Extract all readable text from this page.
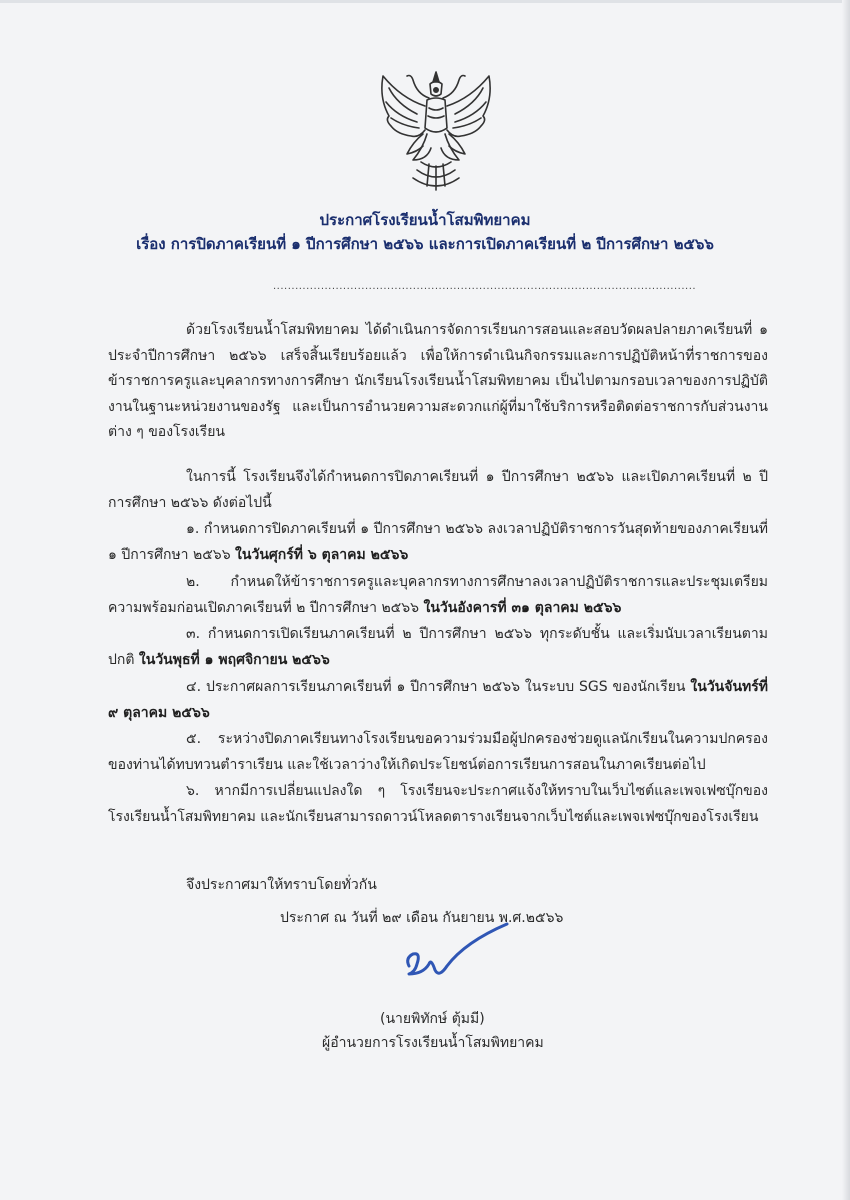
ประกาศโรงเรียนน้ำโสมพิทยาคม
เรื่อง การปิดภาคเรียนที่ ๑ ปีการศึกษา ๒๕๖๖ และการเปิดภาคเรียนที่ ๒ ปีการศึกษา ๒๕๖๖
...................................................................................................................
ด้วยโรงเรียนน้ำโสมพิทยาคม ได้ดำเนินการจัดการเรียนการสอนและสอบวัดผลปลายภาคเรียนที่ ๑ ประจำปีการศึกษา ๒๕๖๖ เสร็จสิ้นเรียบร้อยแล้ว เพื่อให้การดำเนินกิจกรรมและการปฏิบัติหน้าที่ราชการของข้าราชการครูและบุคลากรทางการศึกษา นักเรียนโรงเรียนน้ำโสมพิทยาคม เป็นไปตามกรอบเวลาของการปฏิบัติงานในฐานะหน่วยงานของรัฐ และเป็นการอำนวยความสะดวกแก่ผู้ที่มาใช้บริการหรือติดต่อราชการกับส่วนงานต่าง ๆ ของโรงเรียน
ในการนี้ โรงเรียนจึงได้กำหนดการปิดภาคเรียนที่ ๑ ปีการศึกษา ๒๕๖๖ และเปิดภาคเรียนที่ ๒ ปีการศึกษา ๒๕๖๖ ดังต่อไปนี้
๑. กำหนดการปิดภาคเรียนที่ ๑ ปีการศึกษา ๒๕๖๖ ลงเวลาปฏิบัติราชการวันสุดท้ายของภาคเรียนที่ ๑ ปีการศึกษา ๒๕๖๖ ในวันศุกร์ที่ ๖ ตุลาคม ๒๕๖๖
๒. กำหนดให้ข้าราชการครูและบุคลากรทางการศึกษาลงเวลาปฏิบัติราชการและประชุมเตรียมความพร้อมก่อนเปิดภาคเรียนที่ ๒ ปีการศึกษา ๒๕๖๖ ในวันอังคารที่ ๓๑ ตุลาคม ๒๕๖๖
๓. กำหนดการเปิดเรียนภาคเรียนที่ ๒ ปีการศึกษา ๒๕๖๖ ทุกระดับชั้น และเริ่มนับเวลาเรียนตามปกติ ในวันพุธที่ ๑ พฤศจิกายน ๒๕๖๖
๔. ประกาศผลการเรียนภาคเรียนที่ ๑ ปีการศึกษา ๒๕๖๖ ในระบบ SGS ของนักเรียน ในวันจันทร์ที่ ๙ ตุลาคม ๒๕๖๖
๕. ระหว่างปิดภาคเรียนทางโรงเรียนขอความร่วมมือผู้ปกครองช่วยดูแลนักเรียนในความปกครองของท่านได้ทบทวนตำราเรียน และใช้เวลาว่างให้เกิดประโยชน์ต่อการเรียนการสอนในภาคเรียนต่อไป
๖. หากมีการเปลี่ยนแปลงใด ๆ โรงเรียนจะประกาศแจ้งให้ทราบในเว็บไซต์และเพจเฟซบุ๊กของโรงเรียนน้ำโสมพิทยาคม และนักเรียนสามารถดาวน์โหลดตารางเรียนจากเว็บไซต์และเพจเฟซบุ๊กของโรงเรียน
จึงประกาศมาให้ทราบโดยทั่วกัน
ประกาศ ณ วันที่ ๒๙ เดือน กันยายน พ.ศ.๒๕๖๖
(นายพิทักษ์ ตุ้มมี)
ผู้อำนวยการโรงเรียนน้ำโสมพิทยาคม
